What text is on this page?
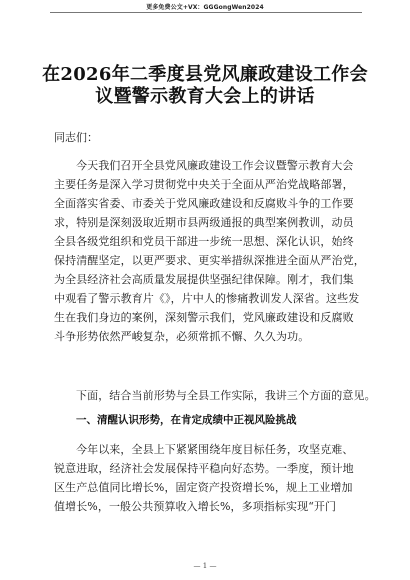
更多免费公文+VX：GGGongWen2024
在2026年二季度县党风廉政建设工作会
议暨警示教育大会上的讲话
同志们：
今天我们召开全县党风廉政建设工作会议暨警示教育大会
主要任务是深入学习贯彻党中央关于全面从严治党战略部署，
全面落实省委、市委关于党风廉政建设和反腐败斗争的工作要
求，特别是深刻汲取近期市县两级通报的典型案例教训，动员
全县各级党组织和党员干部进一步统一思想、深化认识，始终
保持清醒坚定，以更严要求、更实举措纵深推进全面从严治党，
为全县经济社会高质量发展提供坚强纪律保障。刚才，我们集
中观看了警示教育片《》，片中人的惨痛教训发人深省。这些发
生在我们身边的案例，深刻警示我们，党风廉政建设和反腐败
斗争形势依然严峻复杂，必须常抓不懈、久久为功。
下面，结合当前形势与全县工作实际，我讲三个方面的意见。
一、清醒认识形势，在肯定成绩中正视风险挑战
今年以来，全县上下紧紧围绕年度目标任务，攻坚克难、
锐意进取，经济社会发展保持平稳向好态势。一季度，预计地
区生产总值同比增长%，固定资产投资增长%，规上工业增加
值增长%，一般公共预算收入增长%，多项指标实现“开门
— 1 —
